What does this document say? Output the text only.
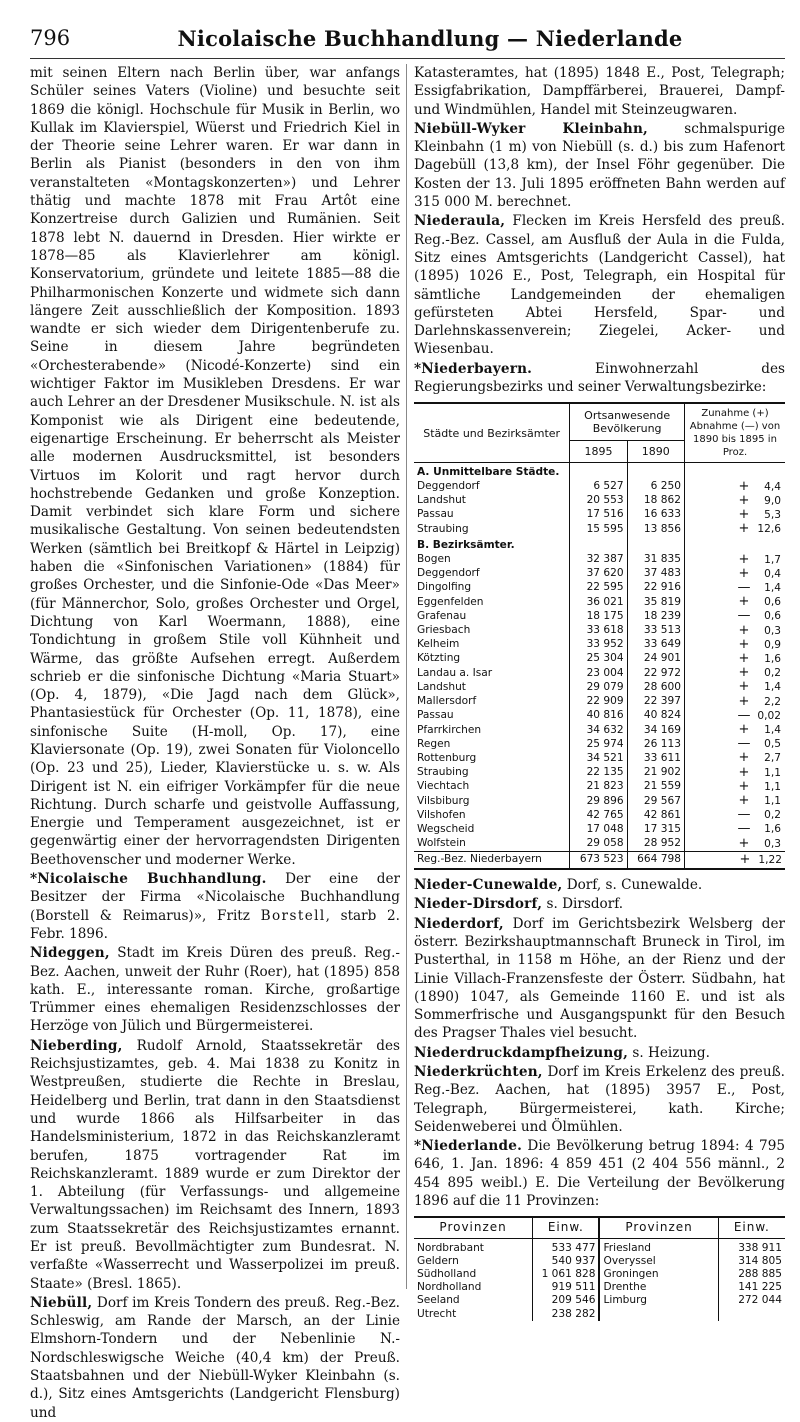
796	Nicolaische Buchhandlung — Niederlande

mit seinen Eltern nach Berlin über, war anfangs Schüler seines Vaters (Violine) und besuchte seit 1869 die königl. Hochschule für Musik in Berlin, wo Kullak im Klavierspiel, Wüerst und Friedrich Kiel in der Theorie seine Lehrer waren. Er war dann in Berlin als Pianist (besonders in den von ihm veranstalteten «Montagskonzerten») und Lehrer thätig und machte 1878 mit Frau Artôt eine Konzertreise durch Galizien und Rumänien. Seit 1878 lebt N. dauernd in Dresden. Hier wirkte er 1878—85 als Klavierlehrer am königl. Konservatorium, gründete und leitete 1885—88 die Philharmonischen Konzerte und widmete sich dann längere Zeit ausschließlich der Komposition. 1893 wandte er sich wieder dem Dirigentenberufe zu. Seine in diesem Jahre begründeten «Orchesterabende» (Nicodé-Konzerte) sind ein wichtiger Faktor im Musikleben Dresdens. Er war auch Lehrer an der Dresdener Musikschule. N. ist als Komponist wie als Dirigent eine bedeutende, eigenartige Erscheinung. Er beherrscht als Meister alle modernen Ausdrucksmittel, ist besonders Virtuos im Kolorit und ragt hervor durch hochstrebende Gedanken und große Konzeption. Damit verbindet sich klare Form und sichere musikalische Gestaltung. Von seinen bedeutendsten Werken (sämtlich bei Breitkopf & Härtel in Leipzig) haben die «Sinfonischen Variationen» (1884) für großes Orchester, und die Sinfonie-Ode «Das Meer» (für Männerchor, Solo, großes Orchester und Orgel, Dichtung von Karl Woermann, 1888), eine Tondichtung in großem Stile voll Kühnheit und Wärme, das größte Aufsehen erregt. Außerdem schrieb er die sinfonische Dichtung «Maria Stuart» (Op. 4, 1879), «Die Jagd nach dem Glück», Phantasiestück für Orchester (Op. 11, 1878), eine sinfonische Suite (H-moll, Op. 17), eine Klaviersonate (Op. 19), zwei Sonaten für Violoncello (Op. 23 und 25), Lieder, Klavierstücke u. s. w. Als Dirigent ist N. ein eifriger Vorkämpfer für die neue Richtung. Durch scharfe und geistvolle Auffassung, Energie und Temperament ausgezeichnet, ist er gegenwärtig einer der hervorragendsten Dirigenten Beethovenscher und moderner Werke.

*Nicolaische Buchhandlung. Der eine der Besitzer der Firma «Nicolaische Buchhandlung (Borstell & Reimarus)», Fritz Borstell, starb 2. Febr. 1896.

Nideggen, Stadt im Kreis Düren des preuß. Reg.-Bez. Aachen, unweit der Ruhr (Roer), hat (1895) 858 kath. E., interessante roman. Kirche, großartige Trümmer eines ehemaligen Residenzschlosses der Herzöge von Jülich und Bürgermeisterei.

Nieberding, Rudolf Arnold, Staatssekretär des Reichsjustizamtes, geb. 4. Mai 1838 zu Konitz in Westpreußen, studierte die Rechte in Breslau, Heidelberg und Berlin, trat dann in den Staatsdienst und wurde 1866 als Hilfsarbeiter in das Handelsministerium, 1872 in das Reichskanzleramt berufen, 1875 vortragender Rat im Reichskanzleramt. 1889 wurde er zum Direktor der 1. Abteilung (für Verfassungs- und allgemeine Verwaltungssachen) im Reichsamt des Innern, 1893 zum Staatssekretär des Reichsjustizamtes ernannt. Er ist preuß. Bevollmächtigter zum Bundesrat. N. verfaßte «Wasserrecht und Wasserpolizei im preuß. Staate» (Bresl. 1865).

Niebüll, Dorf im Kreis Tondern des preuß. Reg.-Bez. Schleswig, am Rande der Marsch, an der Linie Elmshorn-Tondern und der Nebenlinie N.-Nordschleswigsche Weiche (40,4 km) der Preuß. Staatsbahnen und der Niebüll-Wyker Kleinbahn (s. d.), Sitz eines Amtsgerichts (Landgericht Flensburg) und

Katasteramtes, hat (1895) 1848 E., Post, Telegraph; Essigfabrikation, Dampffärberei, Brauerei, Dampf- und Windmühlen, Handel mit Steinzeugwaren.

Niebüll-Wyker Kleinbahn, schmalspurige Kleinbahn (1 m) von Niebüll (s. d.) bis zum Hafenort Dagebüll (13,8 km), der Insel Föhr gegenüber. Die Kosten der 13. Juli 1895 eröffneten Bahn werden auf 315 000 M. berechnet.

Niederaula, Flecken im Kreis Hersfeld des preuß. Reg.-Bez. Cassel, am Ausfluß der Aula in die Fulda, Sitz eines Amtsgerichts (Landgericht Cassel), hat (1895) 1026 E., Post, Telegraph, ein Hospital für sämtliche Landgemeinden der ehemaligen gefürsteten Abtei Hersfeld, Spar- und Darlehnskassenverein; Ziegelei, Acker- und Wiesenbau.

*Niederbayern. Einwohnerzahl des Regierungsbezirks und seiner Verwaltungsbezirke:

Städte und Bezirksämter	Ortsanwesende Bevölkerung		Zunahme (+) Abnahme (—) von 1890 bis 1895 in Proz.
	1895	1890	
A. Unmittelbare Städte.			
Deggendorf	6 527	6 250	+ 4,4
Landshut	20 553	18 862	+ 9,0
Passau	17 516	16 633	+ 5,3
Straubing	15 595	13 856	+ 12,6
B. Bezirksämter.			
Bogen	32 387	31 835	+ 1,7
Deggendorf	37 620	37 483	+ 0,4
Dingolfing	22 595	22 916	— 1,4
Eggenfelden	36 021	35 819	+ 0,6
Grafenau	18 175	18 239	— 0,6
Griesbach	33 618	33 513	+ 0,3
Kelheim	33 952	33 649	+ 0,9
Kötzting	25 304	24 901	+ 1,6
Landau a. Isar	23 004	22 972	+ 0,2
Landshut	29 079	28 600	+ 1,4
Mallersdorf	22 909	22 397	+ 2,2
Passau	40 816	40 824	— 0,02
Pfarrkirchen	34 632	34 169	+ 1,4
Regen	25 974	26 113	— 0,5
Rottenburg	34 521	33 611	+ 2,7
Straubing	22 135	21 902	+ 1,1
Viechtach	21 823	21 559	+ 1,1
Vilsbiburg	29 896	29 567	+ 1,1
Vilshofen	42 765	42 861	— 0,2
Wegscheid	17 048	17 315	— 1,6
Wolfstein	29 058	28 952	+ 0,3
Reg.-Bez. Niederbayern	673 523	664 798	+ 1,22

Nieder-Cunewalde, Dorf, s. Cunewalde.

Nieder-Dirsdorf, s. Dirsdorf.

Niederdorf, Dorf im Gerichtsbezirk Welsberg der österr. Bezirkshauptmannschaft Bruneck in Tirol, im Pusterthal, in 1158 m Höhe, an der Rienz und der Linie Villach-Franzensfeste der Österr. Südbahn, hat (1890) 1047, als Gemeinde 1160 E. und ist als Sommerfrische und Ausgangspunkt für den Besuch des Pragser Thales viel besucht.

Niederdruckdampfheizung, s. Heizung.

Niederkrüchten, Dorf im Kreis Erkelenz des preuß. Reg.-Bez. Aachen, hat (1895) 3957 E., Post, Telegraph, Bürgermeisterei, kath. Kirche; Seidenweberei und Ölmühlen.

*Niederlande. Die Bevölkerung betrug 1894: 4 795 646, 1. Jan. 1896: 4 859 451 (2 404 556 männl., 2 454 895 weibl.) E. Die Verteilung der Bevölkerung 1896 auf die 11 Provinzen:

Provinzen	Einw.	Provinzen	Einw.
Nordbrabant	533 477	Friesland	338 911
Geldern	540 937	Overyssel	314 805
Südholland	1 061 828	Groningen	288 885
Nordholland	919 511	Drenthe	141 225
Seeland	209 546	Limburg	272 044
Utrecht	238 282		
